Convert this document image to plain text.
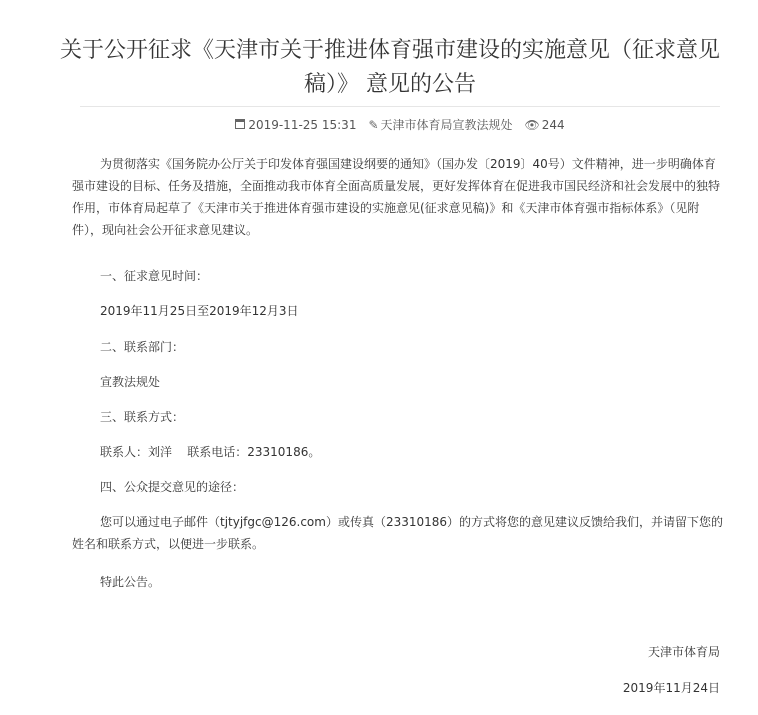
关于公开征求《天津市关于推进体育强市建设的实施意见（征求意见稿）》 意见的公告
2019-11-25 15:31 ✎ 天津市体育局宣教法规处 👁 244

为贯彻落实《国务院办公厅关于印发体育强国建设纲要的通知》（国办发〔2019〕40号）文件精神，进一步明确体育强市建设的目标、任务及措施，全面推动我市体育全面高质量发展，更好发挥体育在促进我市国民经济和社会发展中的独特作用，市体育局起草了《天津市关于推进体育强市建设的实施意见(征求意见稿)》和《天津市体育强市指标体系》（见附件），现向社会公开征求意见建议。

一、征求意见时间：

2019年11月25日至2019年12月3日

二、联系部门：

宣教法规处

三、联系方式：

联系人：刘洋    联系电话：23310186。

四、公众提交意见的途径：

您可以通过电子邮件（tjtyjfgc@126.com）或传真（23310186）的方式将您的意见建议反馈给我们，并请留下您的姓名和联系方式，以便进一步联系。

特此公告。

天津市体育局

2019年11月24日
